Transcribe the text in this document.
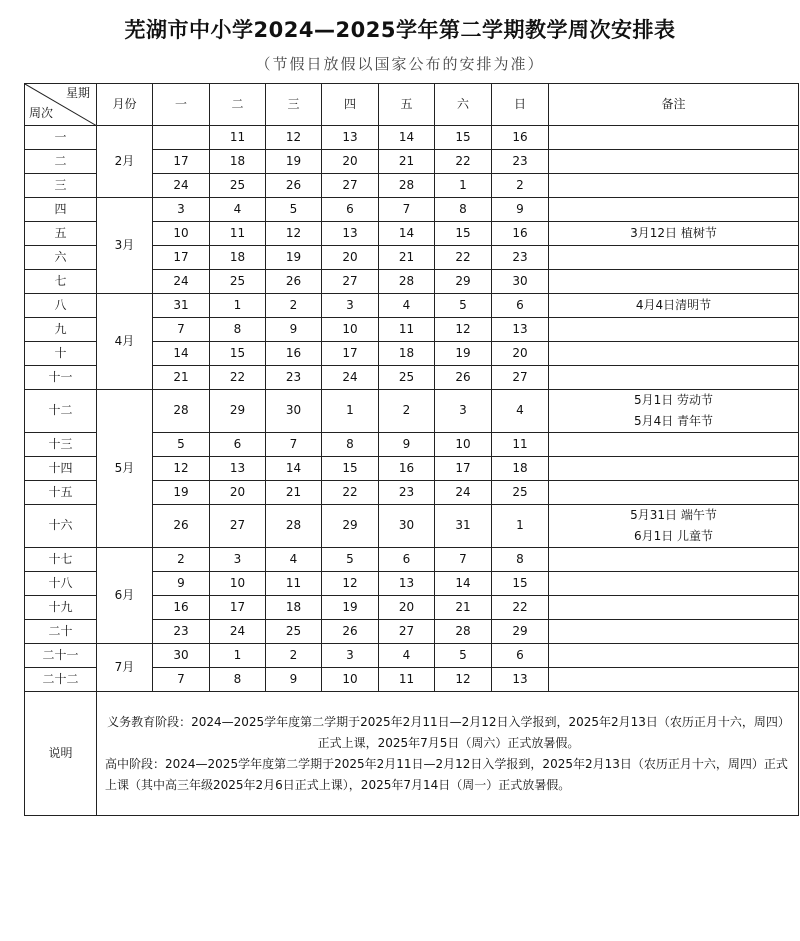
芜湖市中小学2024—2025学年第二学期教学周次安排表
（节假日放假以国家公布的安排为准）
星期
周次	月份	一	二	三	四	五	六	日	备注
一	2月		11	12	13	14	15	16	
二		17	18	19	20	21	22	23	
三		24	25	26	27	28	1	2	
四	3月	3	4	5	6	7	8	9	
五		10	11	12	13	14	15	16	3月12日 植树节

六		17	18	19	20	21	22	23	
七		24	25	26	27	28	29	30	
八	4月	31	1	2	3	4	5	6	4月4日清明节

九		7	8	9	10	11	12	13	
十		14	15	16	17	18	19	20	
十一		21	22	23	24	25	26	27	
十二	5月	28	29	30	1	2	3	4	5月1日 劳动节
5月4日 青年节

十三		5	6	7	8	9	10	11	
十四		12	13	14	15	16	17	18	
十五		19	20	21	22	23	24	25	
十六		26	27	28	29	30	31	1	5月31日 端午节
6月1日 儿童节

十七	6月	2	3	4	5	6	7	8	
十八		9	10	11	12	13	14	15	
十九		16	17	18	19	20	21	22	
二十		23	24	25	26	27	28	29	
二十一	7月	30	1	2	3	4	5	6	
二十二		7	8	9	10	11	12	13	
说明	义务教育阶段：2024—2025学年度第二学期于2025年2月11日—2月12日入学报到，2025年2月13日（农历正月十六，周四）正式上课，2025年7月5日（周六）正式放暑假。
高中阶段：2024—2025学年度第二学期于2025年2月11日—2月12日入学报到，2025年2月13日（农历正月十六，周四）正式上课（其中高三年级2025年2月6日正式上课），2025年7月14日（周一）正式放暑假。								
